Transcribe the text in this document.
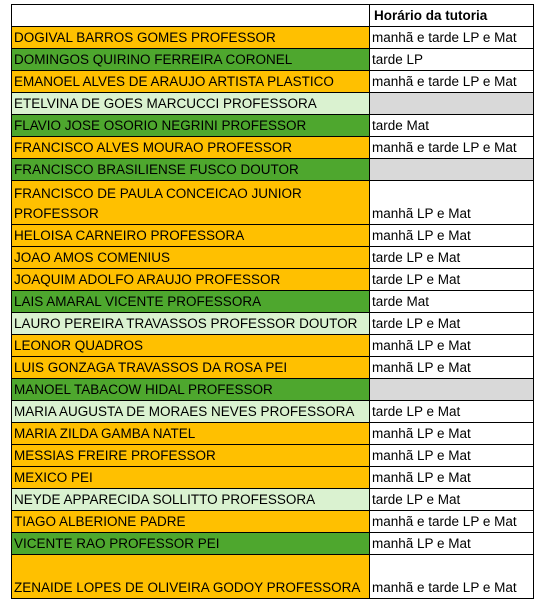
	Horário da tutoria
DOGIVAL BARROS GOMES PROFESSOR	manhã e tarde LP e Mat
DOMINGOS QUIRINO FERREIRA CORONEL	tarde LP
EMANOEL ALVES DE ARAUJO ARTISTA PLASTICO	manhã e tarde LP e Mat
ETELVINA DE GOES MARCUCCI PROFESSORA	
FLAVIO JOSE OSORIO NEGRINI PROFESSOR	tarde Mat
FRANCISCO ALVES MOURAO PROFESSOR	manhã e tarde LP e Mat
FRANCISCO BRASILIENSE FUSCO DOUTOR	
FRANCISCO DE PAULA CONCEICAO JUNIOR PROFESSOR	manhã LP e Mat
HELOISA CARNEIRO PROFESSORA	manhã LP e Mat
JOAO AMOS COMENIUS	tarde LP e Mat
JOAQUIM ADOLFO ARAUJO PROFESSOR	tarde LP e Mat
LAIS AMARAL VICENTE PROFESSORA	tarde Mat
LAURO PEREIRA TRAVASSOS PROFESSOR DOUTOR	tarde LP e Mat
LEONOR QUADROS	manhã LP e Mat
LUIS GONZAGA TRAVASSOS DA ROSA PEI	manhã LP e Mat
MANOEL TABACOW HIDAL PROFESSOR	
MARIA AUGUSTA DE MORAES NEVES PROFESSORA	tarde LP e Mat
MARIA ZILDA GAMBA NATEL	manhã LP e Mat
MESSIAS FREIRE PROFESSOR	manhã LP e Mat
MEXICO PEI	manhã LP e Mat
NEYDE APPARECIDA SOLLITTO PROFESSORA	tarde LP e Mat
TIAGO ALBERIONE PADRE	manhã e tarde LP e Mat
VICENTE RAO PROFESSOR PEI	manhã LP e Mat
ZENAIDE LOPES DE OLIVEIRA GODOY PROFESSORA	manhã e tarde LP e Mat
